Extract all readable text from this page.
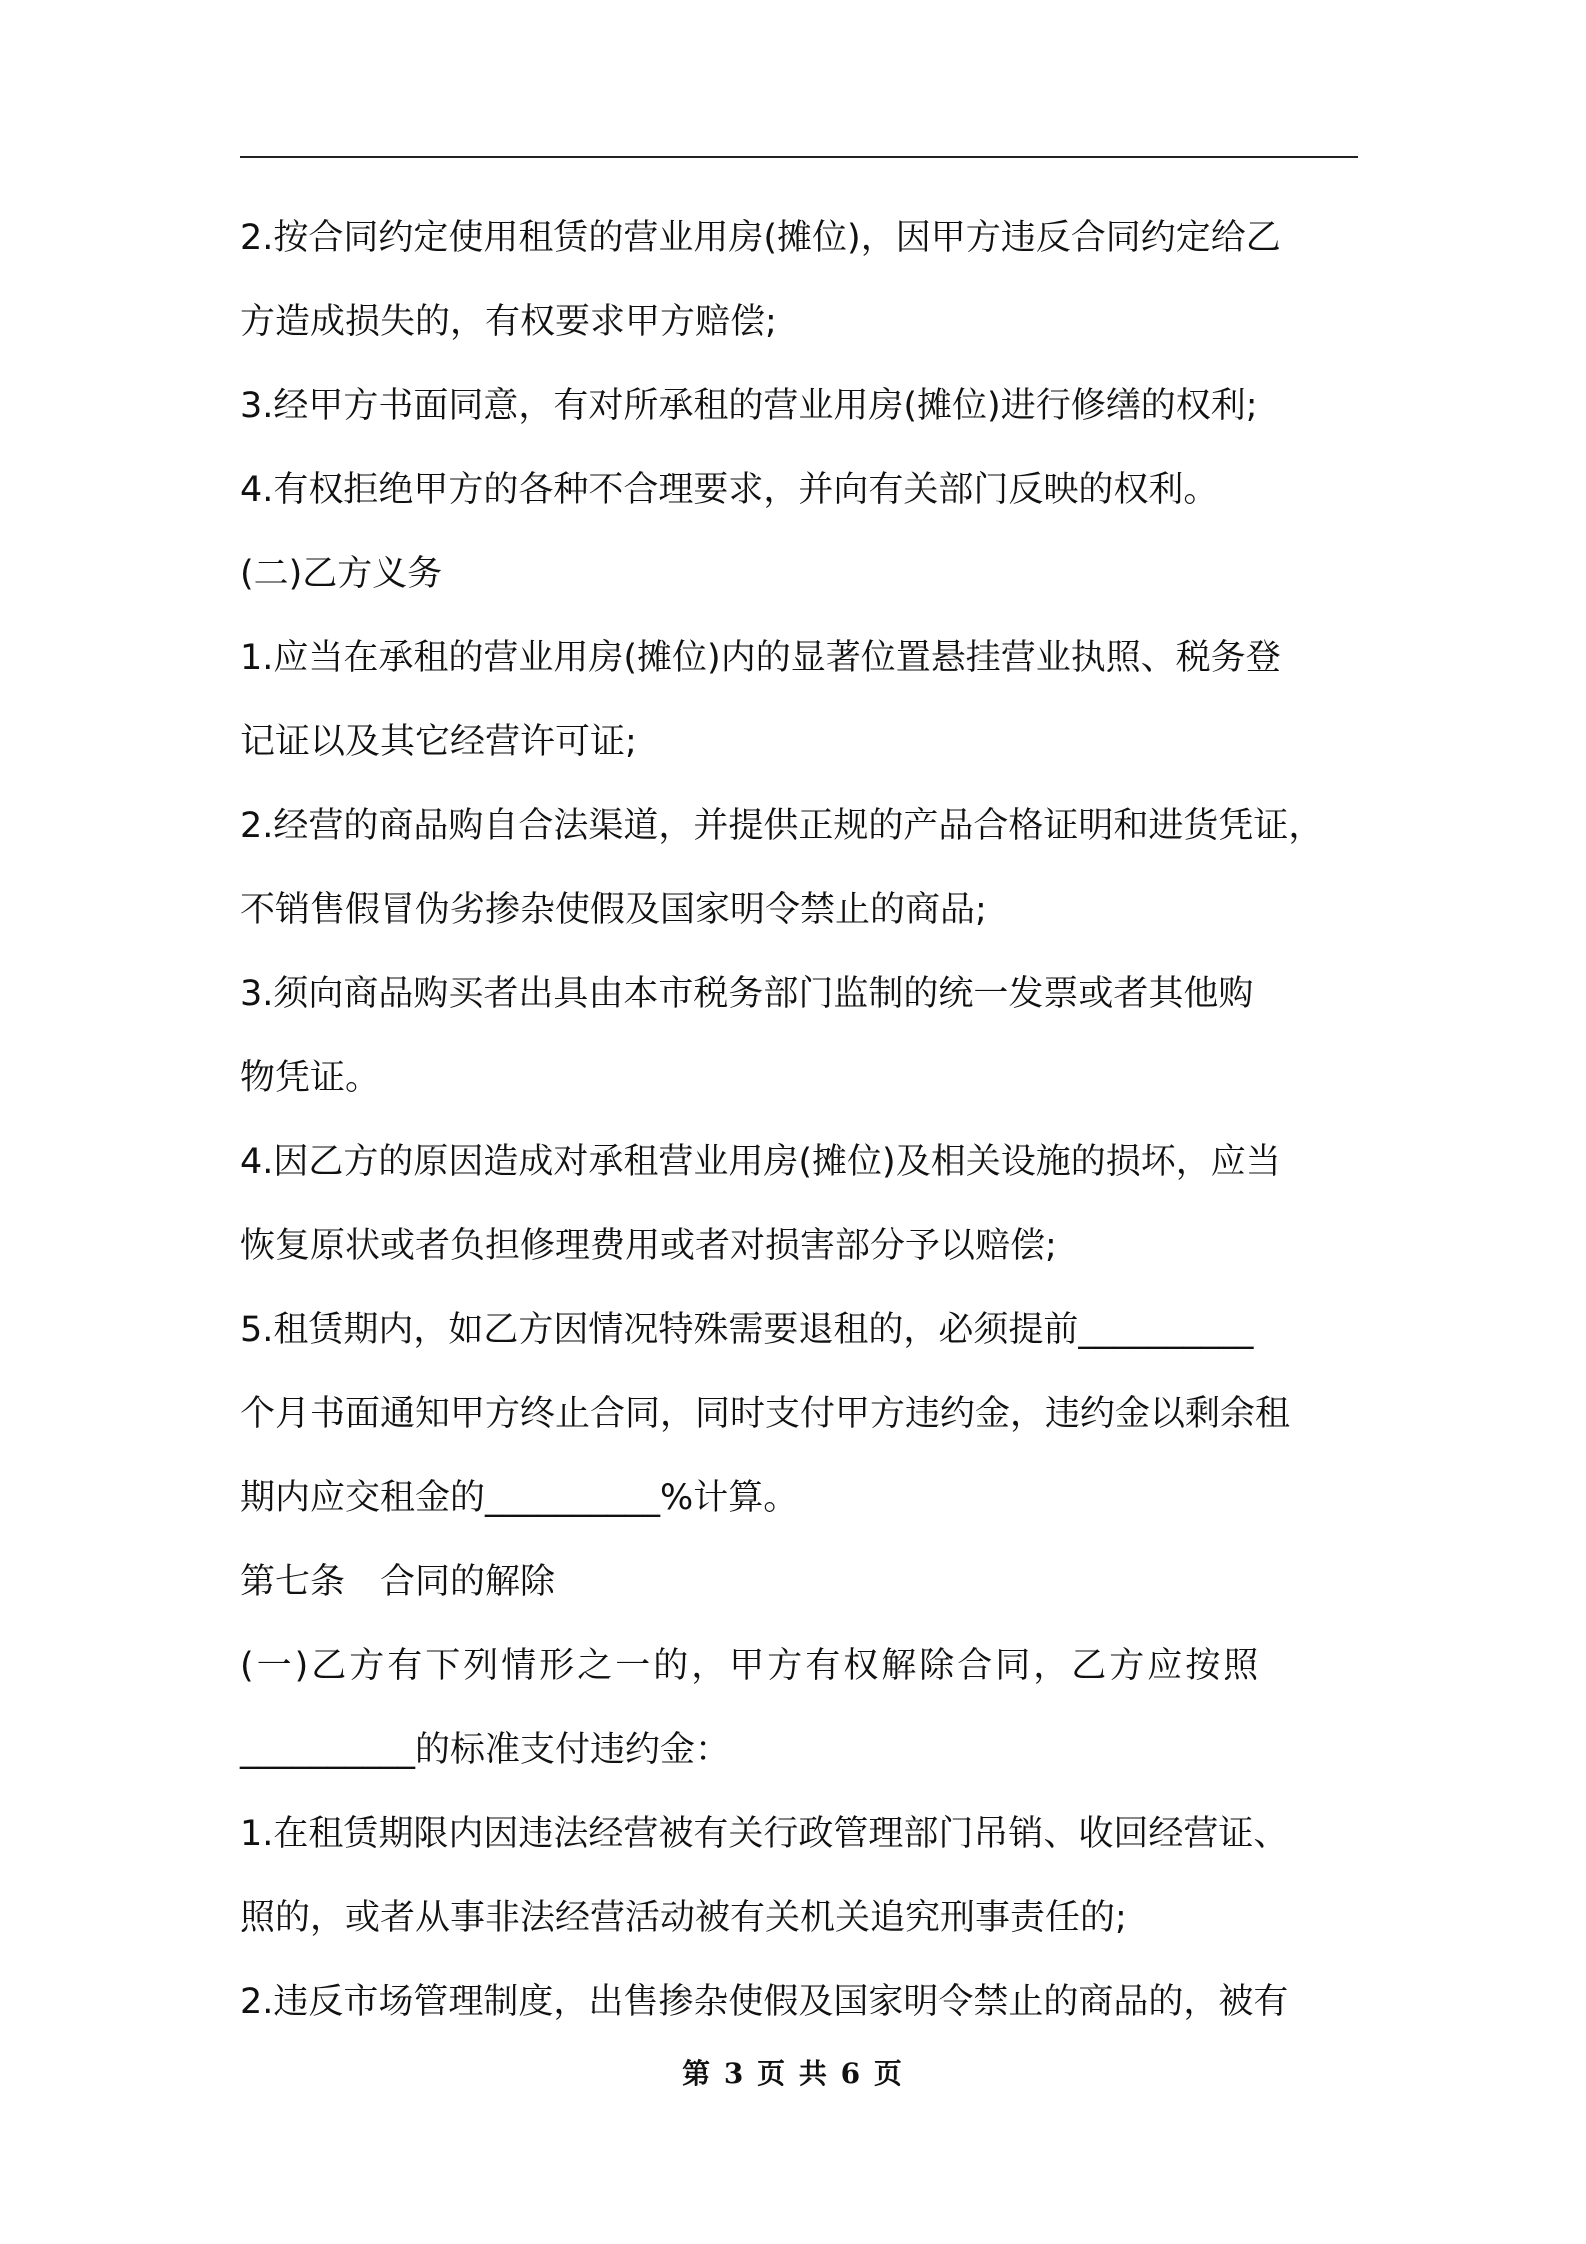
2.按合同约定使用租赁的营业用房(摊位)，因甲方违反合同约定给乙
方造成损失的，有权要求甲方赔偿;
3.经甲方书面同意，有对所承租的营业用房(摊位)进行修缮的权利;
4.有权拒绝甲方的各种不合理要求，并向有关部门反映的权利。
(二)乙方义务
1.应当在承租的营业用房(摊位)内的显著位置悬挂营业执照、税务登
记证以及其它经营许可证;
2.经营的商品购自合法渠道，并提供正规的产品合格证明和进货凭证，
不销售假冒伪劣掺杂使假及国家明令禁止的商品;
3.须向商品购买者出具由本市税务部门监制的统一发票或者其他购
物凭证。
4.因乙方的原因造成对承租营业用房(摊位)及相关设施的损坏，应当
恢复原状或者负担修理费用或者对损害部分予以赔偿;
5.租赁期内，如乙方因情况特殊需要退租的，必须提前__________
个月书面通知甲方终止合同，同时支付甲方违约金，违约金以剩余租
期内应交租金的__________%计算。
第七条　合同的解除
(一)乙方有下列情形之一的，甲方有权解除合同，乙方应按照
__________的标准支付违约金：
1.在租赁期限内因违法经营被有关行政管理部门吊销、收回经营证、
照的，或者从事非法经营活动被有关机关追究刑事责任的;
2.违反市场管理制度，出售掺杂使假及国家明令禁止的商品的，被有
第 3 页 共 6 页
